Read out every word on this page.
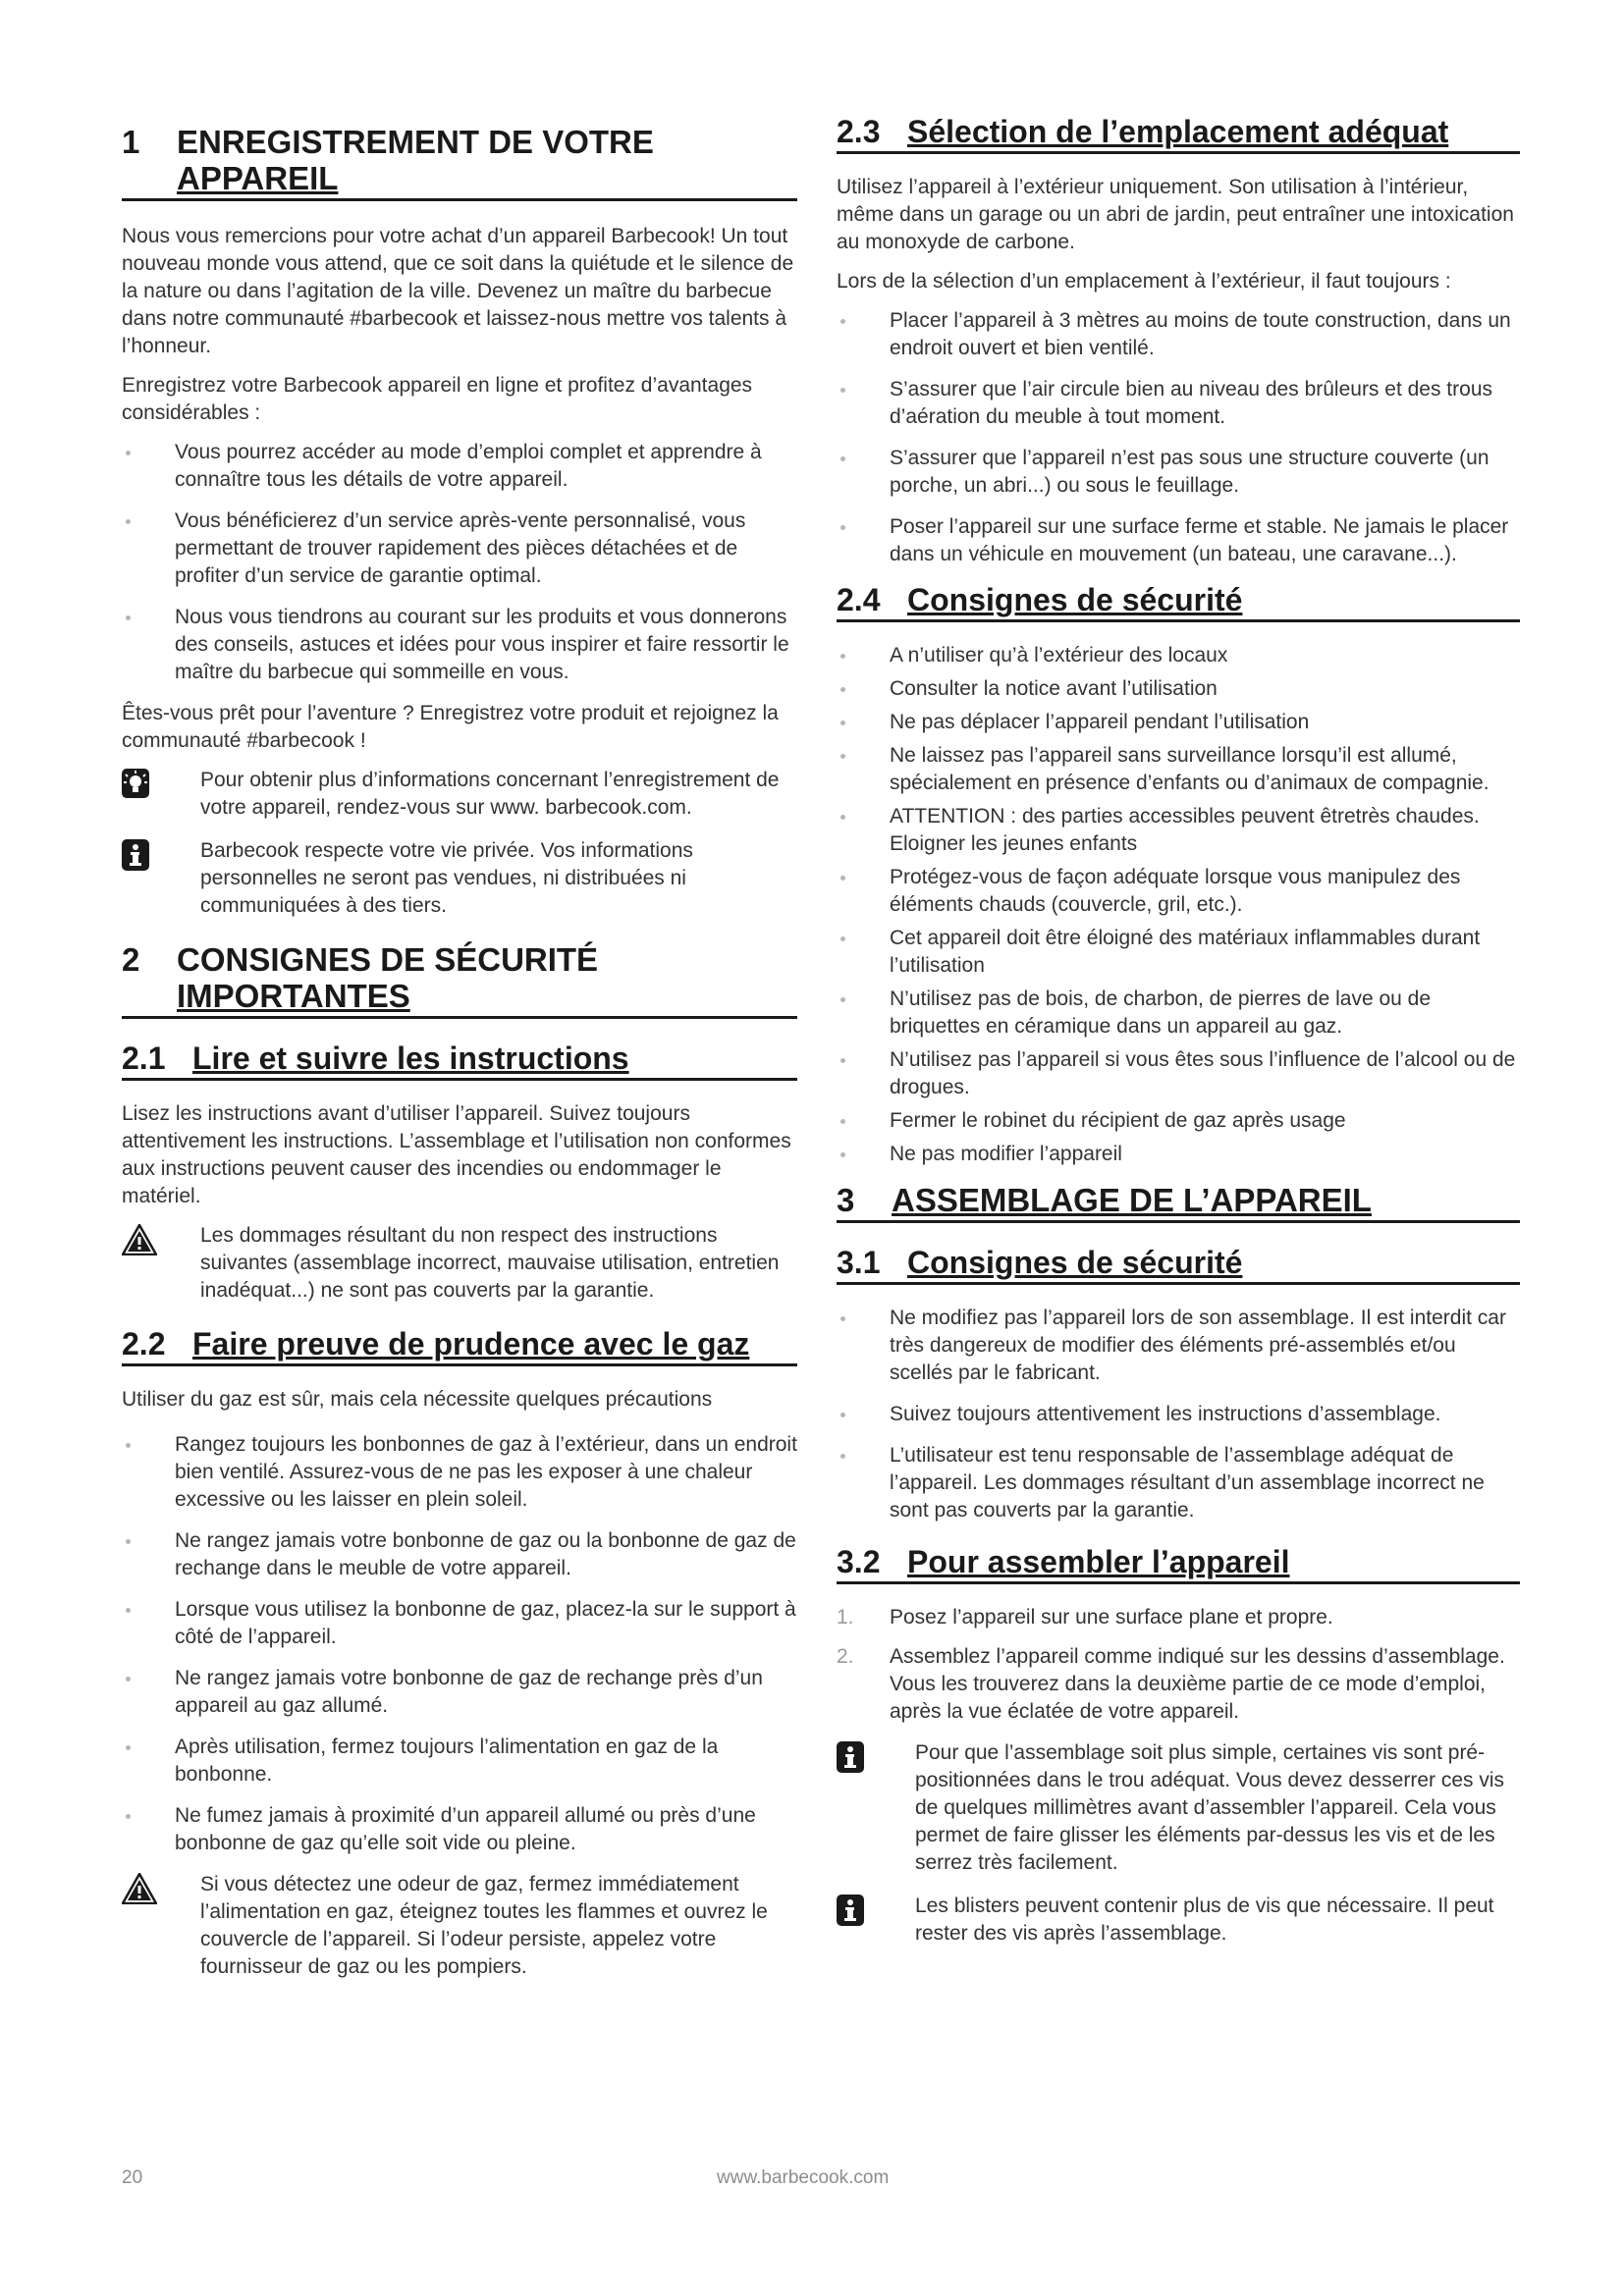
1	ENREGISTREMENT DE VOTRE
APPAREIL

Nous vous remercions pour votre achat d’un appareil Barbecook! Un tout nouveau monde vous attend, que ce soit dans la quiétude et le silence de la nature ou dans l’agitation de la ville. Devenez un maître du barbecue dans notre communauté #barbecook et laissez-nous mettre vos talents à l’honneur.

Enregistrez votre Barbecook appareil en ligne et profitez d’avantages considérables :

Vous pourrez accéder au mode d’emploi complet et apprendre à connaître tous les détails de votre appareil.
Vous bénéficierez d’un service après-vente personnalisé, vous permettant de trouver rapidement des pièces détachées et de profiter d’un service de garantie optimal.
Nous vous tiendrons au courant sur les produits et vous donnerons des conseils, astuces et idées pour vous inspirer et faire ressortir le maître du barbecue qui sommeille en vous.

Êtes-vous prêt pour l’aventure ? Enregistrez votre produit et rejoignez la communauté #barbecook !

Pour obtenir plus d’informations concernant l’enregistrement de votre appareil, rendez-vous sur www. barbecook.com.
Barbecook respecte votre vie privée. Vos informations personnelles ne seront pas vendues, ni distribuées ni communiquées à des tiers.
2	CONSIGNES DE SÉCURITÉ
IMPORTANTES
2.1 Lire et suivre les instructions

Lisez les instructions avant d’utiliser l’appareil. Suivez toujours attentivement les instructions. L’assemblage et l’utilisation non conformes aux instructions peuvent causer des incendies ou endommager le matériel.

Les dommages résultant du non respect des instructions suivantes (assemblage incorrect, mauvaise utilisation, entretien inadéquat...) ne sont pas couverts par la garantie.
2.2 Faire preuve de prudence avec le gaz

Utiliser du gaz est sûr, mais cela nécessite quelques précautions

Rangez toujours les bonbonnes de gaz à l’extérieur, dans un endroit bien ventilé. Assurez-vous de ne pas les exposer à une chaleur excessive ou les laisser en plein soleil.
Ne rangez jamais votre bonbonne de gaz ou la bonbonne de gaz de rechange dans le meuble de votre appareil.
Lorsque vous utilisez la bonbonne de gaz, placez-la sur le support à côté de l’appareil.
Ne rangez jamais votre bonbonne de gaz de rechange près d’un appareil au gaz allumé.
Après utilisation, fermez toujours l’alimentation en gaz de la bonbonne.
Ne fumez jamais à proximité d’un appareil allumé ou près d’une bonbonne de gaz qu’elle soit vide ou pleine.
Si vous détectez une odeur de gaz, fermez immédiatement l’alimentation en gaz, éteignez toutes les flammes et ouvrez le couvercle de l’appareil. Si l’odeur persiste, appelez votre fournisseur de gaz ou les pompiers.
2.3 Sélection de l’emplacement adéquat

Utilisez l’appareil à l’extérieur uniquement. Son utilisation à l’intérieur, même dans un garage ou un abri de jardin, peut entraîner une intoxication au monoxyde de carbone.

Lors de la sélection d’un emplacement à l’extérieur, il faut toujours :

Placer l’appareil à 3 mètres au moins de toute construction, dans un endroit ouvert et bien ventilé.
S’assurer que l’air circule bien au niveau des brûleurs et des trous d’aération du meuble à tout moment.
S’assurer que l’appareil n’est pas sous une structure couverte (un porche, un abri...) ou sous le feuillage.
Poser l’appareil sur une surface ferme et stable. Ne jamais le placer dans un véhicule en mouvement (un bateau, une caravane...).
2.4 Consignes de sécurité
A n’utiliser qu’à l’extérieur des locaux
Consulter la notice avant l’utilisation
Ne pas déplacer l’appareil pendant l’utilisation
Ne laissez pas l’appareil sans surveillance lorsqu’il est allumé, spécialement en présence d’enfants ou d’animaux de compagnie.
ATTENTION : des parties accessibles peuvent êtretrès chaudes. Eloigner les jeunes enfants
Protégez-vous de façon adéquate lorsque vous manipulez des éléments chauds (couvercle, gril, etc.).
Cet appareil doit être éloigné des matériaux inflammables durant l’utilisation
N’utilisez pas de bois, de charbon, de pierres de lave ou de briquettes en céramique dans un appareil au gaz.
N’utilisez pas l’appareil si vous êtes sous l’influence de l’alcool ou de drogues.
Fermer le robinet du récipient de gaz après usage
Ne pas modifier l’appareil
3	ASSEMBLAGE DE L’APPAREIL
3.1 Consignes de sécurité
Ne modifiez pas l’appareil lors de son assemblage. Il est interdit car très dangereux de modifier des éléments pré-assemblés et/ou scellés par le fabricant.
Suivez toujours attentivement les instructions d’assemblage.
L’utilisateur est tenu responsable de l’assemblage adéquat de l’appareil. Les dommages résultant d’un assemblage incorrect ne sont pas couverts par la garantie.
3.2 Pour assembler l’appareil
1. Posez l’appareil sur une surface plane et propre.
2. Assemblez l’appareil comme indiqué sur les dessins d’assemblage. Vous les trouverez dans la deuxième partie de ce mode d’emploi, après la vue éclatée de votre appareil.
Pour que l’assemblage soit plus simple, certaines vis sont pré-positionnées dans le trou adéquat. Vous devez desserrer ces vis de quelques millimètres avant d’assembler l’appareil. Cela vous permet de faire glisser les éléments par-dessus les vis et de les serrez très facilement.
Les blisters peuvent contenir plus de vis que nécessaire. Il peut rester des vis après l’assemblage.
20	www.barbecook.com
